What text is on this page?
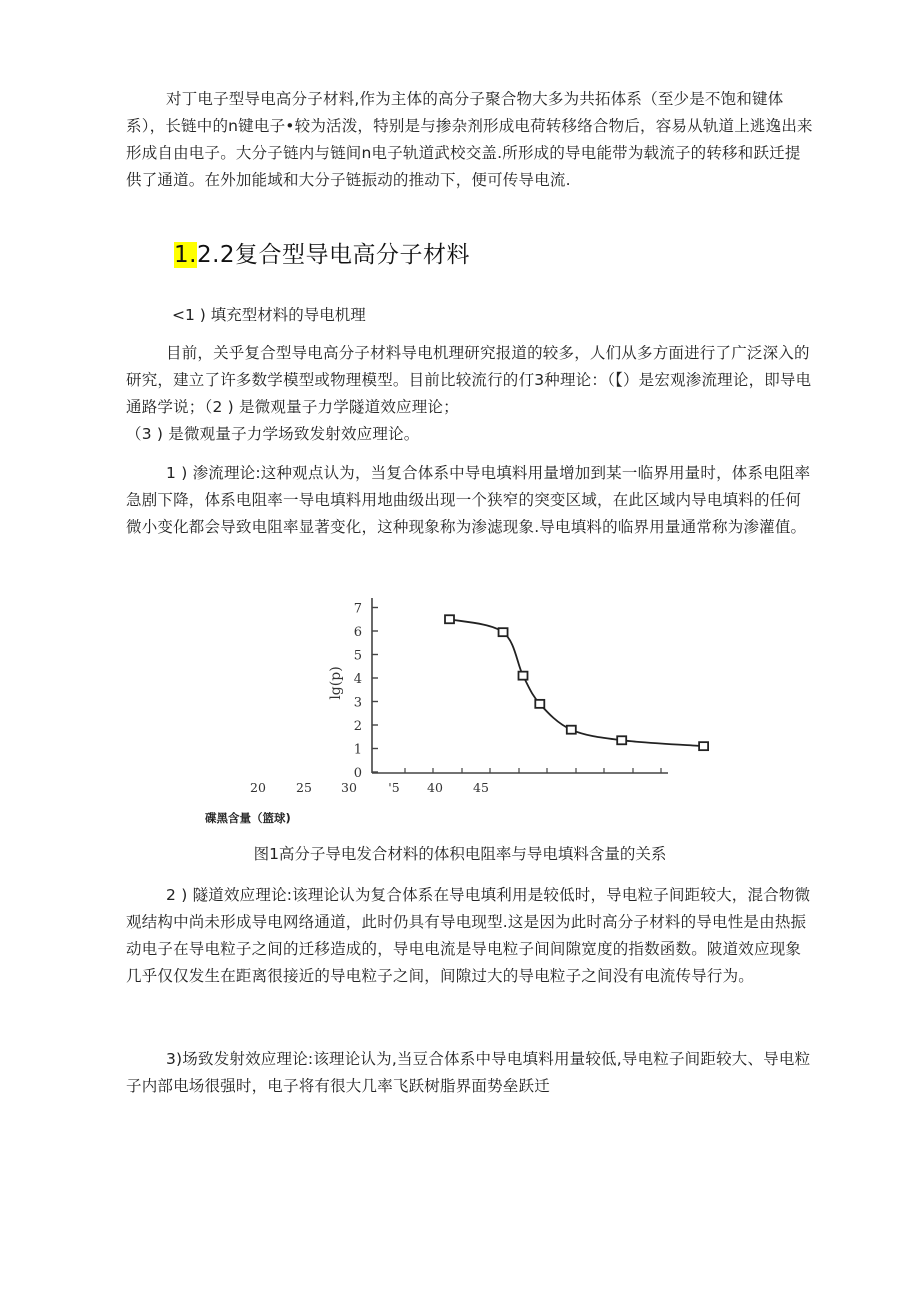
对丁电子型导电高分子材料,作为主体的高分子聚合物大多为共拓体系（至少是不饱和键体系），长链中的n键电子•较为活泼，特别是与掺杂剂形成电荷转移络合物后，容易从轨道上逃逸出来形成自由电子。大分子链内与链间n电子轨道武校交盖.所形成的导电能带为载流子的转移和跃迁提供了通道。在外加能域和大分子链振动的推动下，便可传导电流.

1.2.2复合型导电高分子材料

<1 ) 填充型材料的导电机理

目前，关乎复合型导电高分子材料导电机理研究报道的较多，人们从多方面进行了广泛深入的研究，建立了许多数学模型或物理模型。目前比较流行的仃3种理论：（【）是宏观渗流理论，即导电通路学说；（2 ) 是微观量子力学隧道效应理论；

（3 ) 是微观量子力学场致发射效应理论。

1 ) 渗流理论:这种观点认为，当复合体系中导电填料用量增加到某一临界用量时，体系电阻率急剧下降，体系电阻率一导电填料用地曲级出现一个狭窄的突变区域，在此区域内导电填料的任何微小变化都会导致电阻率显著变化，这种现象称为渗滤现象.导电填料的临界用量通常称为渗灌值。

0
1
2
3
4
5
6
7
20 25 30	'5 40 45
lg(p)

碟黑含量（篮球)

图1高分子导电发合材料的体积电阻率与导电填料含量的关系

2 ) 隧道效应理论:该理论认为复合体系在导电填利用是较低时，导电粒子间距较大，混合物微观结构中尚未形成导电网络通道，此时仍具有导电现型.这是因为此时高分子材料的导电性是由热振动电子在导电粒子之间的迁移造成的，导电电流是导电粒子间间隙宽度的指数函数。陂道效应现象几乎仅仅发生在距离很接近的导电粒子之间，间隙过大的导电粒子之间没有电流传导行为。

3)场致发射效应理论:该理论认为,当豆合体系中导电填料用量较低,导电粒子间距较大、导电粒子内部电场很强时，电子将有很大几率飞跃树脂界面势垒跃迁
